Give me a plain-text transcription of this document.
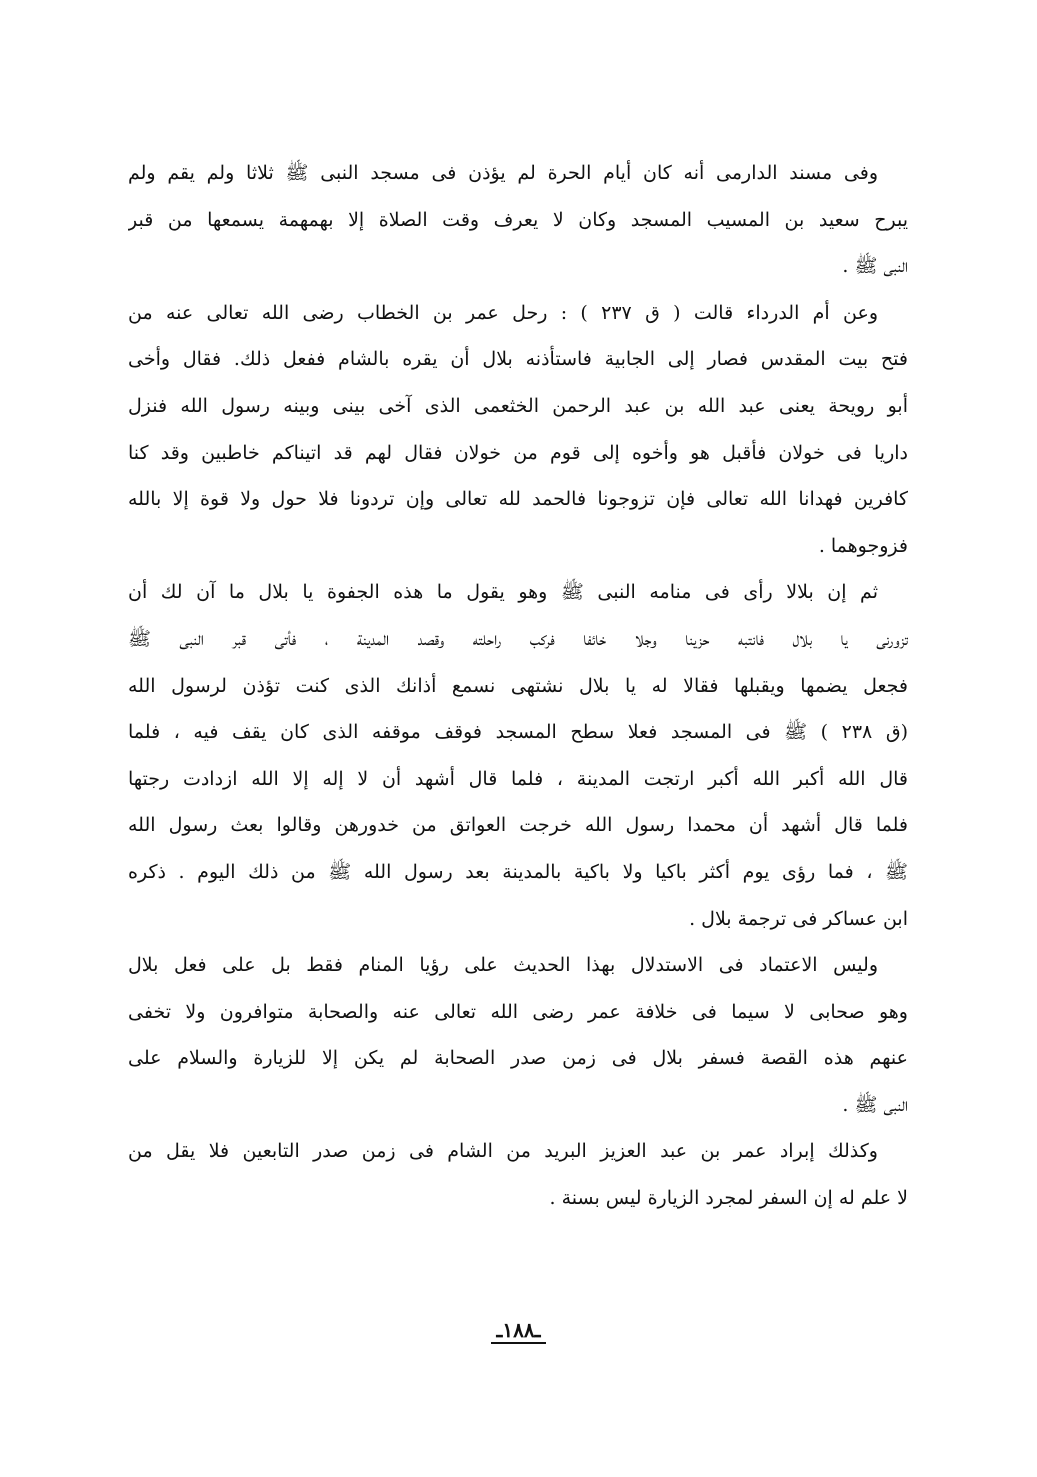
وفى مسند الدارمى أنه كان أيام الحرة لم يؤذن فى مسجد النبى ﷺ ثلاثا ولم يقم ولم
يبرح سعيد بن المسيب المسجد وكان لا يعرف وقت الصلاة إلا بهمهمة يسمعها من قبر
النبى ﷺ .
وعن أم الدرداء قالت ( ق ٢٣٧ ) : رحل عمر بن الخطاب رضى الله تعالى عنه من
فتح بيت المقدس فصار إلى الجابية فاستأذنه بلال أن يقره بالشام ففعل ذلك. فقال وأخى
أبو رويحة يعنى عبد الله بن عبد الرحمن الخثعمى الذى آخى بينى وبينه رسول الله فنزل
داريا فى خولان فأقبل هو وأخوه إلى قوم من خولان فقال لهم قد اتيناكم خاطبين وقد كنا
كافرين فهدانا الله تعالى فإن تزوجونا فالحمد لله تعالى وإن تردونا فلا حول ولا قوة إلا بالله
فزوجوهما .
ثم إن بلالا رأى فى منامه النبى ﷺ وهو يقول ما هذه الجفوة يا بلال ما آن لك أن
تزورنى يا بلال فانتبه حزينا وجلا خائفا فركب راحلته وقصد المدينة ، فأتى قبر النبى ﷺ
فجعل يضمها ويقبلها فقالا له يا بلال نشتهى نسمع أذانك الذى كنت تؤذن لرسول الله
(ق ٢٣٨ ) ﷺ فى المسجد فعلا سطح المسجد فوقف موقفه الذى كان يقف فيه ، فلما
قال الله أكبر الله أكبر ارتجت المدينة ، فلما قال أشهد أن لا إله إلا الله ازدادت رجتها
فلما قال أشهد أن محمدا رسول الله خرجت العواتق من خدورهن وقالوا بعث رسول الله
ﷺ ، فما رؤى يوم أكثر باكيا ولا باكية بالمدينة بعد رسول الله ﷺ من ذلك اليوم . ذكره
ابن عساكر فى ترجمة بلال .
وليس الاعتماد فى الاستدلال بهذا الحديث على رؤيا المنام فقط بل على فعل بلال
وهو صحابى لا سيما فى خلافة عمر رضى الله تعالى عنه والصحابة متوافرون ولا تخفى
عنهم هذه القصة فسفر بلال فى زمن صدر الصحابة لم يكن إلا للزيارة والسلام على
النبى ﷺ .
وكذلك إبراد عمر بن عبد العزيز البريد من الشام فى زمن صدر التابعين فلا يقل من
لا علم له إن السفر لمجرد الزيارة ليس بسنة .
ـ١٨٨ـ
